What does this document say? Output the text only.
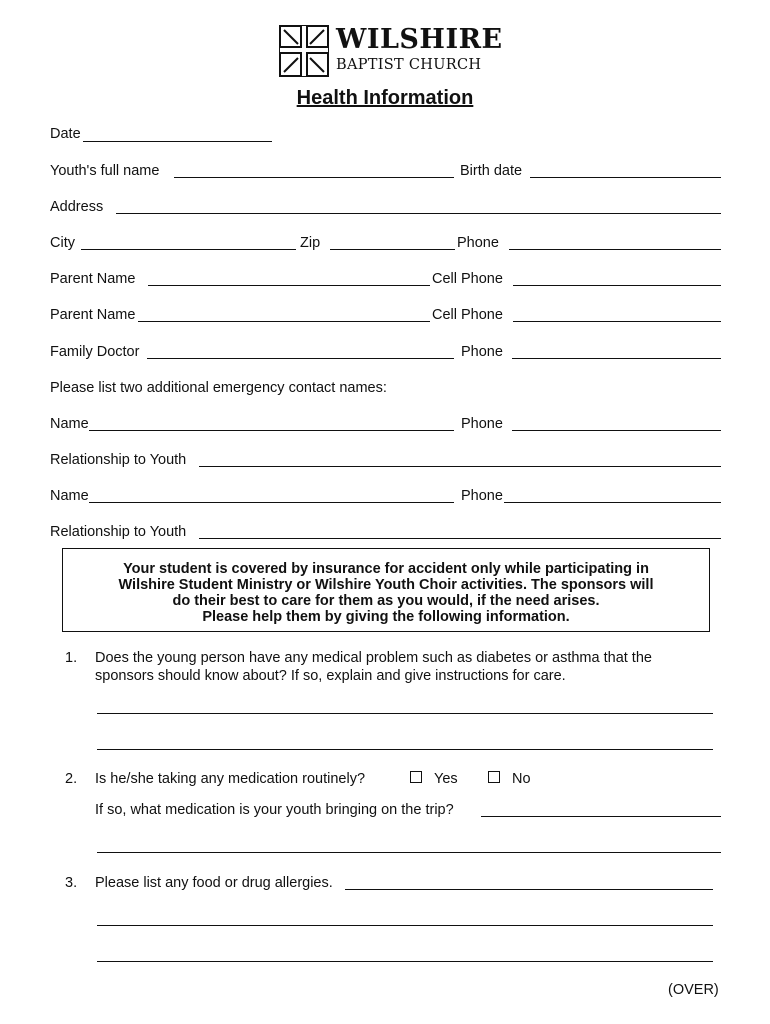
WILSHIRE
BAPTIST CHURCH
Health Information
Date
Youth's full name	Birth date
Address
City	Zip	Phone
Parent Name	Cell Phone
Parent Name	Cell Phone
Family Doctor	Phone
Please list two additional emergency contact names:
Name	Phone
Relationship to Youth
Name	Phone
Relationship to Youth
Your student is covered by insurance for accident only while participating in
Wilshire Student Ministry or Wilshire Youth Choir activities. The sponsors will
do their best to care for them as you would, if the need arises.
Please help them by giving the following information.
1. Does the young person have any medical problem such as diabetes or asthma that the
sponsors should know about? If so, explain and give instructions for care.
2. Is he/she taking any medication routinely?	Yes	No
If so, what medication is your youth bringing on the trip?
3. Please list any food or drug allergies.
(OVER)
